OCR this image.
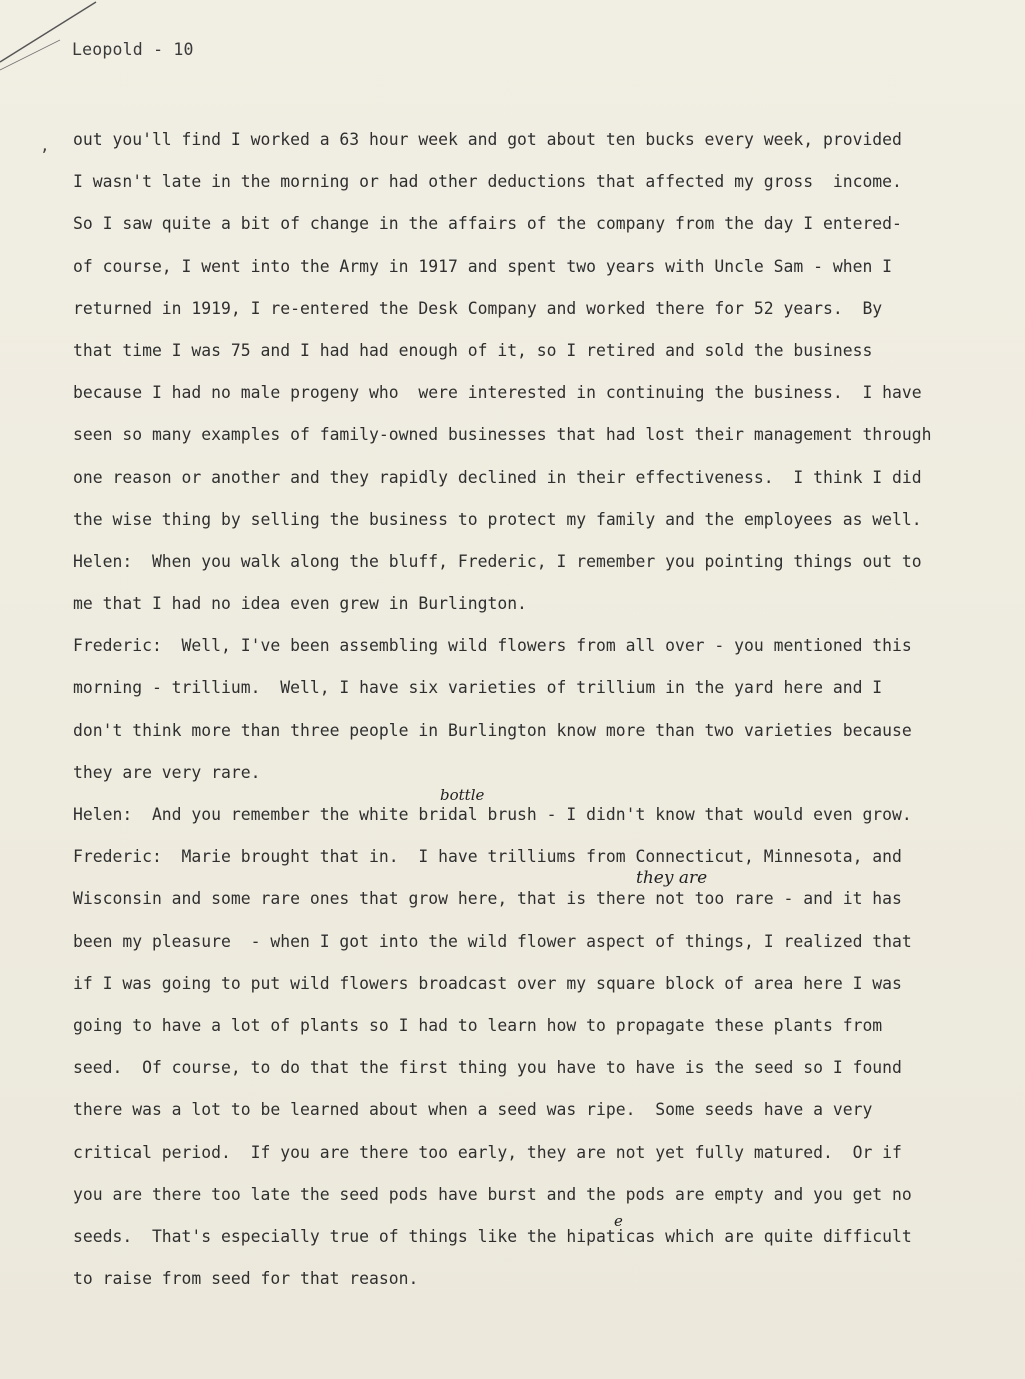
Leopold - 10
, out you'll find I worked a 63 hour week and got about ten bucks every week, provided
I wasn't late in the morning or had other deductions that affected my gross  income.
So I saw quite a bit of change in the affairs of the company from the day I entered-
of course, I went into the Army in 1917 and spent two years with Uncle Sam - when I
returned in 1919, I re-entered the Desk Company and worked there for 52 years.  By
that time I was 75 and I had had enough of it, so I retired and sold the business
because I had no male progeny who  were interested in continuing the business.  I have
seen so many examples of family-owned businesses that had lost their management through
one reason or another and they rapidly declined in their effectiveness.  I think I did
the wise thing by selling the business to protect my family and the employees as well.
Helen:  When you walk along the bluff, Frederic, I remember you pointing things out to
me that I had no idea even grew in Burlington.
Frederic:  Well, I've been assembling wild flowers from all over - you mentioned this
morning - trillium.  Well, I have six varieties of trillium in the yard here and I
don't think more than three people in Burlington know more than two varieties because
they are very rare.
Helen:  And you remember the white bridal brush - I didn't know that would even grow.
Frederic:  Marie brought that in.  I have trilliums from Connecticut, Minnesota, and
Wisconsin and some rare ones that grow here, that is there not too rare - and it has
been my pleasure  - when I got into the wild flower aspect of things, I realized that
if I was going to put wild flowers broadcast over my square block of area here I was
going to have a lot of plants so I had to learn how to propagate these plants from
seed.  Of course, to do that the first thing you have to have is the seed so I found
there was a lot to be learned about when a seed was ripe.  Some seeds have a very
critical period.  If you are there too early, they are not yet fully matured.  Or if
you are there too late the seed pods have burst and the pods are empty and you get no
seeds.  That's especially true of things like the hipaticas which are quite difficult
to raise from seed for that reason.
bottle
they are
e
